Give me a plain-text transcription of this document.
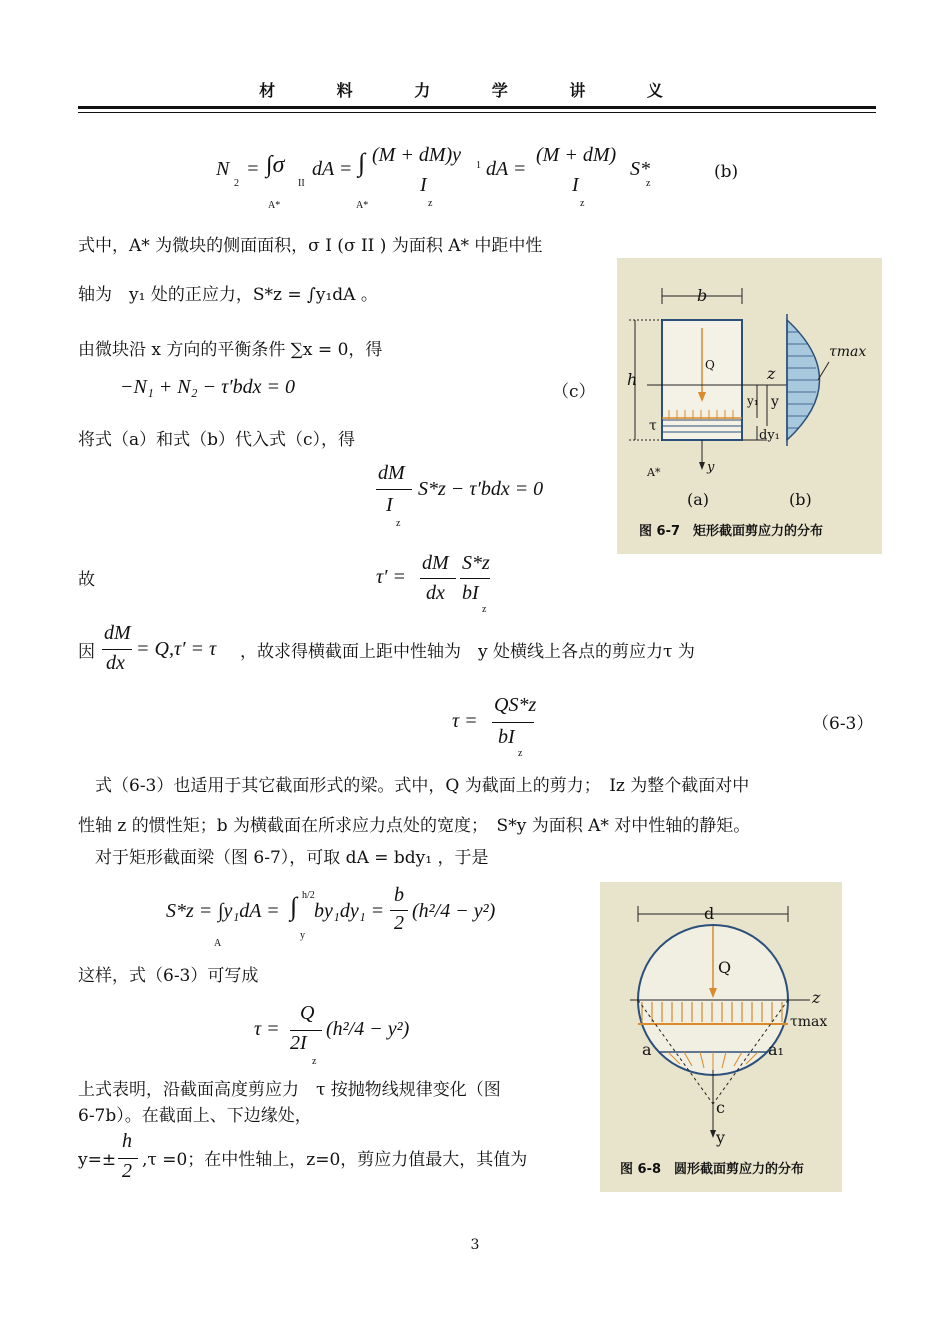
材 料 力 学 讲 义
N
2
= ∫σ
II
dA =
A*
∫ (M + dM)y 1 dA =
I
z
A*
(M + dM)
I
z
S*
z
(b)
式中，A* 为微块的侧面面积，σ I (σ II ) 为面积 A* 中距中性
轴为　y₁ 处的正应力，S*z = ∫y₁dA 。
由微块沿 x 方向的平衡条件 ∑x = 0，得
−N₁ + N₂ − τ′bdx = 0	（c）
将式（a）和式（b）代入式（c），得
dM
I
z
S*z − τ′bdx = 0
故	τ′ =
dM
dx
S*z
bI
z
因
dM
dx
= Q,τ′ = τ ，故求得横截面上距中性轴为　y 处横线上各点的剪应力τ 为
τ =
QS*z
bI
z
（6-3）
　式（6-3）也适用于其它截面形式的梁。式中，Q 为截面上的剪力；　Iz 为整个截面对中
性轴 z 的惯性矩；b 为横截面在所求应力点处的宽度；　S*y 为面积 A* 对中性轴的静矩。
　对于矩形截面梁（图 6-7），可取 dA = bdy₁ ，于是
S*z = ∫y₁dA =
A
∫ h/2
y
by₁dy₁ =
b
2
(h²/4 − y²)
这样，式（6-3）可写成
τ =
Q
2I
z
(h²/4 − y²)
上式表明，沿截面高度剪应力　τ 按抛物线规律变化（图
6-7b）。在截面上、下边缘处，
y=±
h
2 ,τ =0；在中性轴上，z=0，剪应力值最大，其值为
b
h
Q	z
y₁ y
dy₁
τ
τmax
A*	y
(a)	(b)
图 6-7　矩形截面剪应力的分布
d
Q
z
τmax
a	a₁
c
y
图 6-8　圆形截面剪应力的分布
3
